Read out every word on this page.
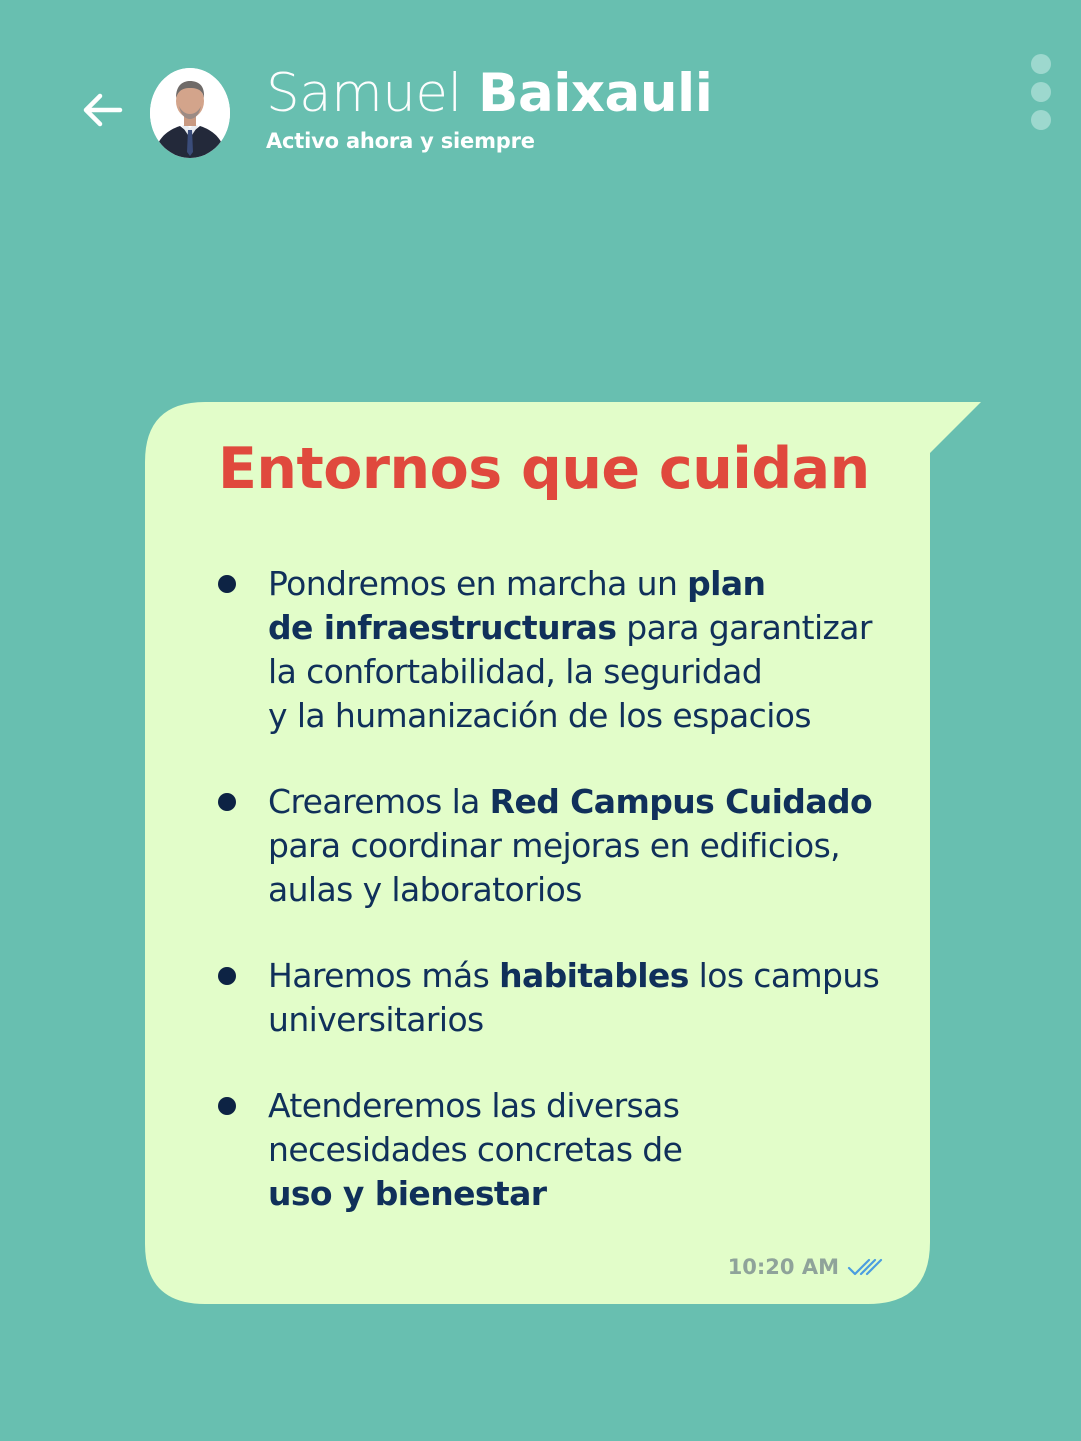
Samuel Baixauli
Activo ahora y siempre
Entornos que cuidan
Pondremos en marcha un plan
de infraestructuras para garantizar
la confortabilidad, la seguridad
y la humanización de los espacios
Crearemos la Red Campus Cuidado
para coordinar mejoras en edificios,
aulas y laboratorios
Haremos más habitables los campus
universitarios
Atenderemos las diversas
necesidades concretas de
uso y bienestar
10:20 AM
